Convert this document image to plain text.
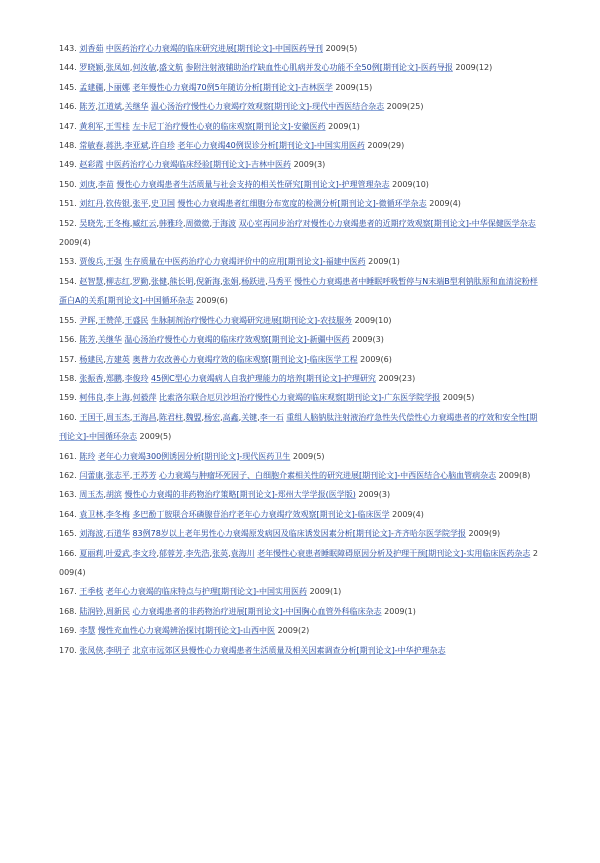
143. 刘香茹 中医药治疗心力衰竭的临床研究进展[期刊论文]-中国医药导刊 2009(5)
144. 罗晓颖,张凤如,何汝敏,盛文航 参附注射液辅助治疗缺血性心肌病并发心功能不全50例[期刊论文]-医药导报 2009(12)
145. 孟建疆,卜丽娜 老年慢性心力衰竭70例5年随访分析[期刊论文]-吉林医学 2009(15)
146. 陈芳,江道斌,关继华 温心汤治疗慢性心力衰竭疗效观察[期刊论文]-现代中西医结合杂志 2009(25)
147. 黄利军,王雪桂 左卡尼丁治疗慢性心衰的临床观察[期刊论文]-安徽医药 2009(1)
148. 常敏春,蒋洪,李亚斌,许自珍 老年心力衰竭40例误诊分析[期刊论文]-中国实用医药 2009(29)
149. 赵彩霞 中医药治疗心力衰竭临床经验[期刊论文]-吉林中医药 2009(3)
150. 刘庚,李苗 慢性心力衰竭患者生活质量与社会支持的相关性研究[期刊论文]-护理管理杂志 2009(10)
151. 刘红丹,钦传银,张平,史卫国 慢性心力衰竭患者红细胞分布宽度的检测分析[期刊论文]-微循环学杂志 2009(4)
152. 吴晓先,王冬梅,臧红云,韩雅玲,周微微,于海波 双心室再同步治疗对慢性心力衰竭患者的近期疗效观察[期刊论文]-中华保健医学杂志 2009(4)
153. 贾俊兵,王强 生存质量在中医药治疗心力衰竭评价中的应用[期刊论文]-福建中医药 2009(1)
154. 赵智慧,柳志红,罗勤,张健,熊长明,倪新海,张娟,杨跃进,马秀平 慢性心力衰竭患者中睡眠呼吸暂停与N末端B型利钠肽原和血清淀粉样蛋白A的关系[期刊论文]-中国循环杂志 2009(6)
155. 尹晖,王赞萍,王盛民 生脉制剂治疗慢性心力衰竭研究进展[期刊论文]-农技服务 2009(10)
156. 陈芳,关继华 温心汤治疗慢性心力衰竭的临床疗效观察[期刊论文]-新疆中医药 2009(3)
157. 杨建民,方建英 奥普力农改善心力衰竭疗效的临床观察[期刊论文]-临床医学工程 2009(6)
158. 张振香,郑鹏,李俊玲 45例C型心力衰竭病人自我护理能力的培养[期刊论文]-护理研究 2009(23)
159. 柯伟良,李上海,何毅萍 比索洛尔联合厄贝沙坦治疗慢性心力衰竭的临床观察[期刊论文]-广东医学院学报 2009(5)
160. 王国干,周玉杰,王海昌,陈君柱,魏盟,杨宏,高鑫,关键,李一石 重组人脑钠肽注射液治疗急性失代偿性心力衰竭患者的疗效和安全性[期刊论文]-中国循环杂志 2009(5)
161. 陈玲 老年心力衰竭300例诱因分析[期刊论文]-现代医药卫生 2009(5)
162. 闫蕾康,张志平,王苏芳 心力衰竭与肿瘤坏死因子、白细胞介素相关性的研究进展[期刊论文]-中西医结合心脑血管病杂志 2009(8)
163. 周玉杰,胡滨 慢性心力衰竭的非药物治疗策略[期刊论文]-郑州大学学报(医学版) 2009(3)
164. 袁卫林,李冬梅 多巴酚丁胺联合环磷腺苷治疗老年心力衰竭疗效观察[期刊论文]-临床医学 2009(4)
165. 刘海波,石道华 83例78岁以上老年男性心力衰竭原发病因及临床诱发因素分析[期刊论文]-齐齐哈尔医学院学报 2009(9)
166. 夏丽莉,叶爱武,李文玲,郁蓉芳,李先浩,张英,袁海川 老年慢性心衰患者睡眠障碍原因分析及护理干预[期刊论文]-实用临床医药杂志 2009(4)
167. 王季枝 老年心力衰竭的临床特点与护理[期刊论文]-中国实用医药 2009(1)
168. 陆润钤,周新民 心力衰竭患者的非药物治疗进展[期刊论文]-中国胸心血管外科临床杂志 2009(1)
169. 李慧 慢性充血性心力衰竭辨治探讨[期刊论文]-山西中医 2009(2)
170. 张凤侠,李明子 北京市远郊区县慢性心力衰竭患者生活质量及相关因素调查分析[期刊论文]-中华护理杂志
